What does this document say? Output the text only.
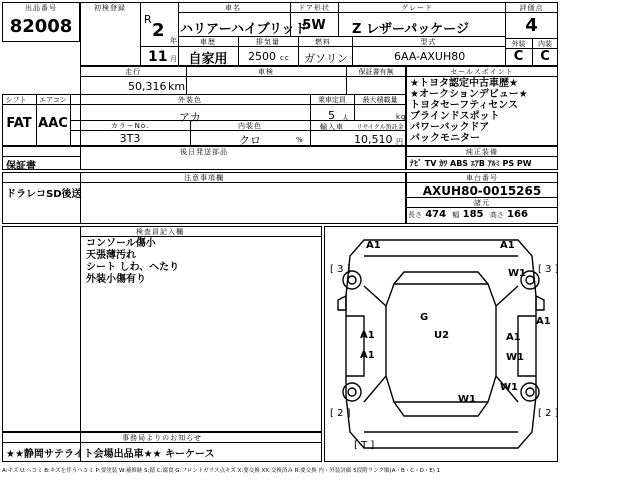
出品番号
82008
初検登録
R
2 年
11 月
車名
ハリアーハイブリッド
ドア形状
5W
グレード
Z レザーパッケージ
評価点
4
車歴
自家用
排気量
2500 cc
燃料
ガソリン
型式
6AA-AXUH80
外装	内装
C	C
走行
50,316 km
車検	保証書有無
シフト
FAT
エアコン
AAC
外装色
アカ
乗車定員
5 人
最大積載量
kg
カラーNo.
3T3
内装色
クロ	%
輸入車	リサイクル預託金
10,510 円
セールスポイント
★トヨタ認定中古車歴★
★オークションデビュー★
トヨタセーフティセンス
ブラインドスポット
パワーバックドア
バックモニター
後日発送部品
保証書
純正装備
ﾅﾋﾞ TV ｶﾜ ABS ｴｱB ｱﾙﾐ PS PW
注意事項欄
ドラレコSD後送
車台番号
AXUH80-0015265
諸元
長さ 474 幅 185 高さ 166
検査員記入欄
コンソール傷小
天張薄汚れ
シート しわ、へたり
外装小傷有り
A1	A1
W1
[ 3 ]	[ 3 ]
G
U2
A1
A1
A1
A1
W1
W1
W1
[ 2 ]	[ 2 ]
[ T ]
事務局よりのお知らせ
★★静岡サテライト会場出品車★★ キーケース
A:キズ U:ヘコミ B:キズを伴うヘコミ P:要塗装 W:補修跡 S:錆 C:腐食 G:フロントガラス点キズ X:要交換 XX:交換済み R:要交換 内・外装評価 5段階ランク順(A・B・C・D・E) 1
